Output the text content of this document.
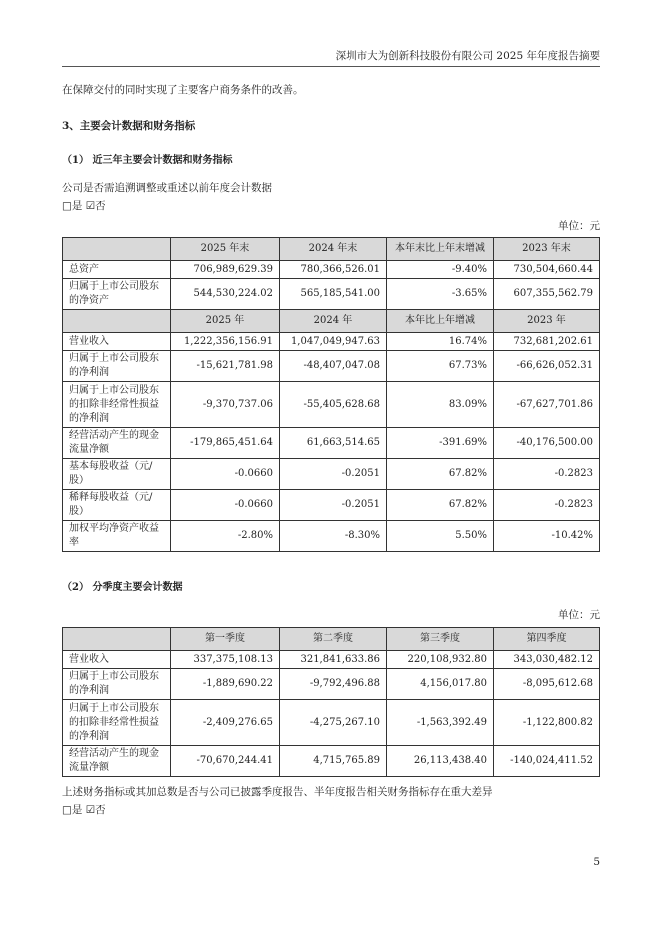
深圳市大为创新科技股份有限公司 2025 年年度报告摘要
在保障交付的同时实现了主要客户商务条件的改善。
3、主要会计数据和财务指标
（1） 近三年主要会计数据和财务指标
公司是否需追溯调整或重述以前年度会计数据
□是 ☑否
单位：元
	2025 年末	2024 年末	本年末比上年末增减	2023 年末
总资产	706,989,629.39	780,366,526.01	-9.40%	730,504,660.44
归属于上市公司股东的净资产	544,530,224.02	565,185,541.00	-3.65%	607,355,562.79
	2025 年	2024 年	本年比上年增减	2023 年
营业收入	1,222,356,156.91	1,047,049,947.63	16.74%	732,681,202.61
归属于上市公司股东的净利润	-15,621,781.98	-48,407,047.08	67.73%	-66,626,052.31
归属于上市公司股东的扣除非经常性损益的净利润	-9,370,737.06	-55,405,628.68	83.09%	-67,627,701.86
经营活动产生的现金流量净额	-179,865,451.64	61,663,514.65	-391.69%	-40,176,500.00
基本每股收益（元/股）	-0.0660	-0.2051	67.82%	-0.2823
稀释每股收益（元/股）	-0.0660	-0.2051	67.82%	-0.2823
加权平均净资产收益率	-2.80%	-8.30%	5.50%	-10.42%
（2） 分季度主要会计数据
单位：元
	第一季度	第二季度	第三季度	第四季度
营业收入	337,375,108.13	321,841,633.86	220,108,932.80	343,030,482.12
归属于上市公司股东的净利润	-1,889,690.22	-9,792,496.88	4,156,017.80	-8,095,612.68
归属于上市公司股东的扣除非经常性损益的净利润	-2,409,276.65	-4,275,267.10	-1,563,392.49	-1,122,800.82
经营活动产生的现金流量净额	-70,670,244.41	4,715,765.89	26,113,438.40	-140,024,411.52
上述财务指标或其加总数是否与公司已披露季度报告、半年度报告相关财务指标存在重大差异
□是 ☑否
5
